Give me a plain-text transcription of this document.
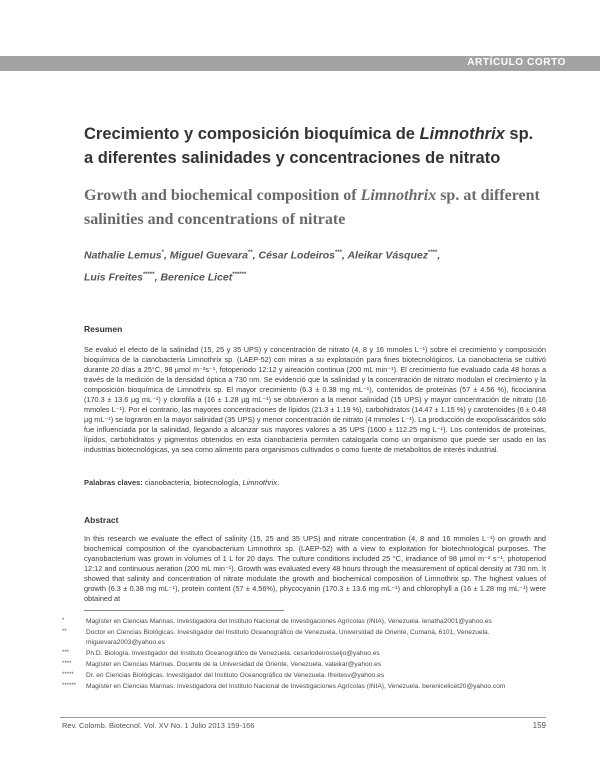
ARTÍCULO CORTO
Crecimiento y composición bioquímica de Limnothrix sp.
a diferentes salinidades y concentraciones de nitrato
Growth and biochemical composition of Limnothrix sp. at different
salinities and concentrations of nitrate
Nathalie Lemus*, Miguel Guevara**, César Lodeiros***, Aleikar Vásquez****,
Luis Freites*****, Berenice Licet******
Resumen

Se evaluó el efecto de la salinidad (15, 25 y 35 UPS) y concentración de nitrato (4, 8 y 16 mmoles L⁻¹) sobre el crecimiento y composición bioquímica de la cianobacteria Limnothrix sp. (LAEP-52) con miras a su explotación para fines biotecnológicos. La cianobacteria se cultivó durante 20 días a 25°C, 98 µmol m⁻²s⁻¹, fotoperiodo 12:12 y aireación continua (200 mL min⁻¹). El crecimiento fue evaluado cada 48 horas a través de la medición de la densidad óptica a 730 nm. Se evidenció que la salinidad y la concentración de nitrato modulan el crecimiento y la composición bioquímica de Limnothrix sp. El mayor crecimiento (6.3 ± 0.38 mg mL⁻¹), contenidos de proteínas (57 ± 4.56 %), ficocianina (170.3 ± 13.6 µg mL⁻¹) y clorofila a (16 ± 1.28 µg mL⁻¹) se obtuvieron a la menor salinidad (15 UPS) y mayor concentración de nitrato (16 mmoles L⁻¹). Por el contrario, las mayores concentraciones de lípidos (21.3 ± 1.19 %), carbohidratos (14.47 ± 1.15 %) y carotenoides (6 ± 0.48 µg mL⁻¹) se lograron en la mayor salinidad (35 UPS) y menor concentración de nitrato (4 mmoles L⁻¹). La producción de exopolisacáridos sólo fue influenciada por la salinidad, llegando a alcanzar sus mayores valores a 35 UPS (1600 ± 112.25 mg L⁻¹). Los contenidos de proteínas, lípidos, carbohidratos y pigmentos obtenidos en esta cianobacteria permiten catalogarla como un organismo que puede ser usado en las industrias biotecnológicas, ya sea como alimento para organismos cultivados o como fuente de metabolitos de interés industrial.

Palabras claves: cianobacteria, biotecnología, Limnothrix.
Abstract

In this research we evaluate the effect of salinity (15, 25 and 35 UPS) and nitrate concentration (4, 8 and 16 mmoles L⁻¹) on growth and biochemical composition of the cyanobacterium Limnothrix sp. (LAEP-52) with a view to exploitation for biotechnological purposes. The cyanobacterium was grown in volumes of 1 L for 20 days. The culture conditions included 25 °C, irradiance of 98 µmol m⁻² s⁻¹, photoperiod 12:12 and continuous aeration (200 mL min⁻¹). Growth was evaluated every 48 hours through the measurement of optical density at 730 nm. It showed that salinity and concentration of nitrate modulate the growth and biochemical composition of Limnothrix sp. The highest values of growth (6.3 ± 0.38 mg mL⁻¹), protein content (57 ± 4.56%), phycocyanin (170.3 ± 13.6 mg mL⁻¹) and chlorophyll a (16 ± 1.28 mg mL⁻¹) were obtained at

*	Magíster en Ciencias Marinas. Investigadora del Instituto Nacional de Investigaciones Agrícolas (INIA), Venezuela. lenatha2001@yahoo.es
**	Doctor en Ciencias Biológicas. Investigador del Instituto Oceanográfico de Venezuela, Universidad de Oriente, Cumaná, 6101, Venezuela. miguevara2003@yahoo.es
***	Ph.D. Biología. Investigador del Instituto Oceanográfico de Venezuela. cesarlodeirosseijo@yahoo.es
****	Magíster en Ciencias Marinas. Docente de la Universidad de Oriente, Venezuela. valeikar@yahoo.es
*****	Dr. en Ciencias Biológicas. Investigador del Instituto Oceanográfico de Venezuela. lfreitesv@yahoo.es
******	Magíster en Ciencias Marinas. Investigadora del Instituto Nacional de Investigaciones Agrícolas (INIA), Venezuela. berenicelicet20@yahoo.com
Rev. Colomb. Biotecnol. Vol. XV No. 1 Julio 2013 159-166	159
